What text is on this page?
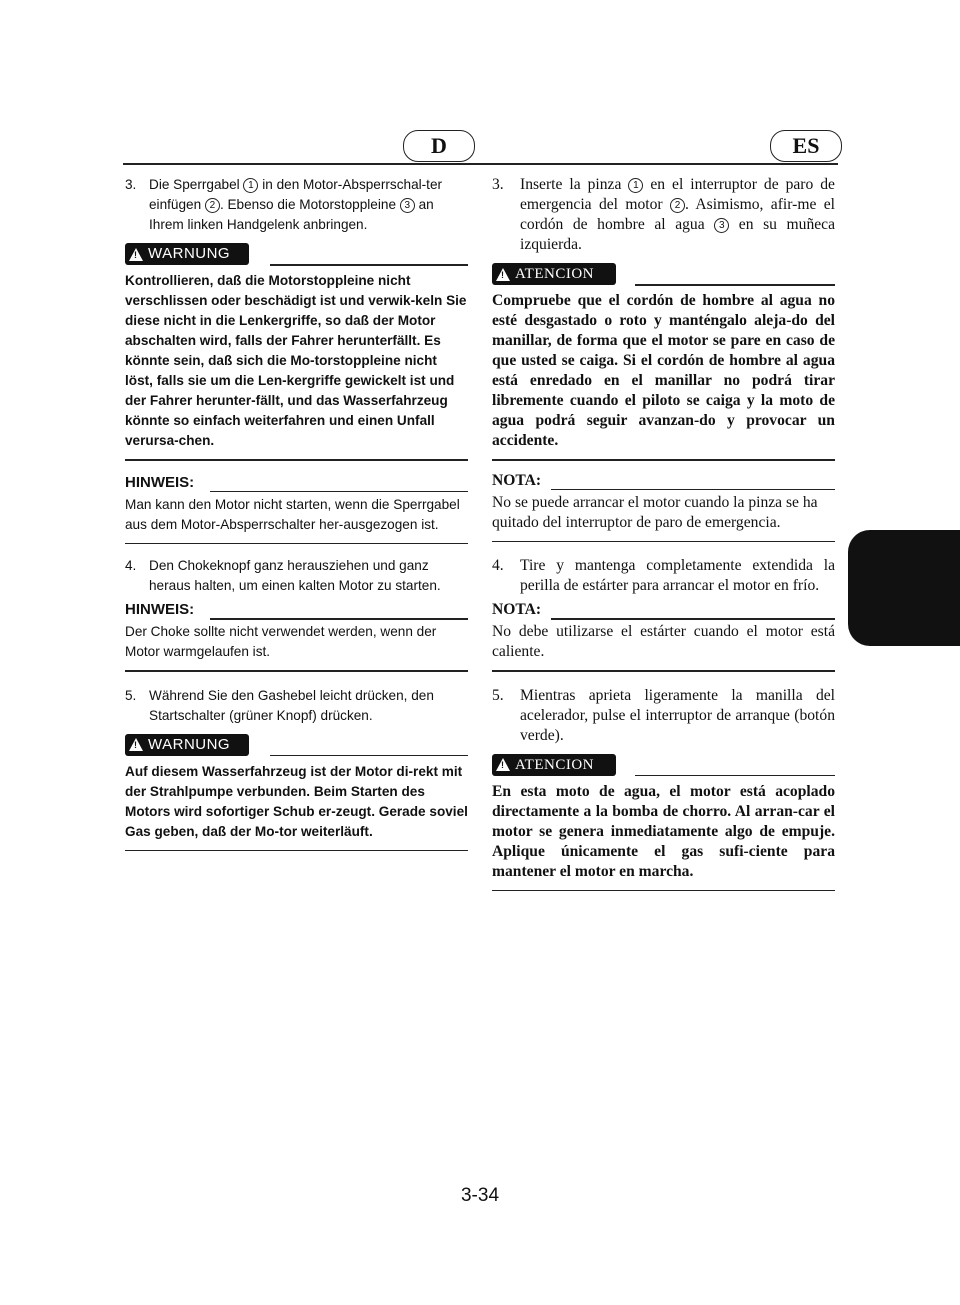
D	ES

3. Die Sperrgabel 1 in den Motor-Absperrschal-ter einfügen 2 . Ebenso die Motorstoppleine 3 an Ihrem linken Handgelenk anbringen.

! WARNUNG
Kontrollieren, daß die Motorstoppleine nicht verschlissen oder beschädigt ist und verwik-keln Sie diese nicht in die Lenkergriffe, so daß der Motor abschalten wird, falls der Fahrer herunterfällt. Es könnte sein, daß sich die Mo-torstoppleine nicht löst, falls sie um die Len-kergriffe gewickelt ist und der Fahrer herunter-fällt, und das Wasserfahrzeug könnte so einfach weiterfahren und einen Unfall verursa-chen.
HINWEIS:
Man kann den Motor nicht starten, wenn die Sperrgabel aus dem Motor-Absperrschalter her-ausgezogen ist.

4. Den Chokeknopf ganz herausziehen und ganz heraus halten, um einen kalten Motor zu starten.

HINWEIS:
Der Choke sollte nicht verwendet werden, wenn der Motor warmgelaufen ist.

5. Während Sie den Gashebel leicht drücken, den Startschalter (grüner Knopf) drücken.

! WARNUNG
Auf diesem Wasserfahrzeug ist der Motor di-rekt mit der Strahlpumpe verbunden. Beim Starten des Motors wird sofortiger Schub er-zeugt. Gerade soviel Gas geben, daß der Mo-tor weiterläuft.

3. Inserte la pinza 1 en el interruptor de paro de emergencia del motor 2 . Asimismo, afir-me el cordón de hombre al agua 3 en su muñeca izquierda.

! ATENCION
Compruebe que el cordón de hombre al agua no esté desgastado o roto y manténgalo aleja-do del manillar, de forma que el motor se pare en caso de que usted se caiga. Si el cordón de hombre al agua está enredado en el manillar no podrá tirar libremente cuando el piloto se caiga y la moto de agua podrá seguir avanzan-do y provocar un accidente.
NOTA:
No se puede arrancar el motor cuando la pinza se ha quitado del interruptor de paro de emergencia.

4. Tire y mantenga completamente extendida la perilla de estárter para arrancar el motor en frío.

NOTA:
No debe utilizarse el estárter cuando el motor está caliente.

5. Mientras aprieta ligeramente la manilla del acelerador, pulse el interruptor de arranque (botón verde).

! ATENCION
En esta moto de agua, el motor está acoplado directamente a la bomba de chorro. Al arran-car el motor se genera inmediatamente algo de empuje. Aplique únicamente el gas sufi-ciente para mantener el motor en marcha.
3-34
